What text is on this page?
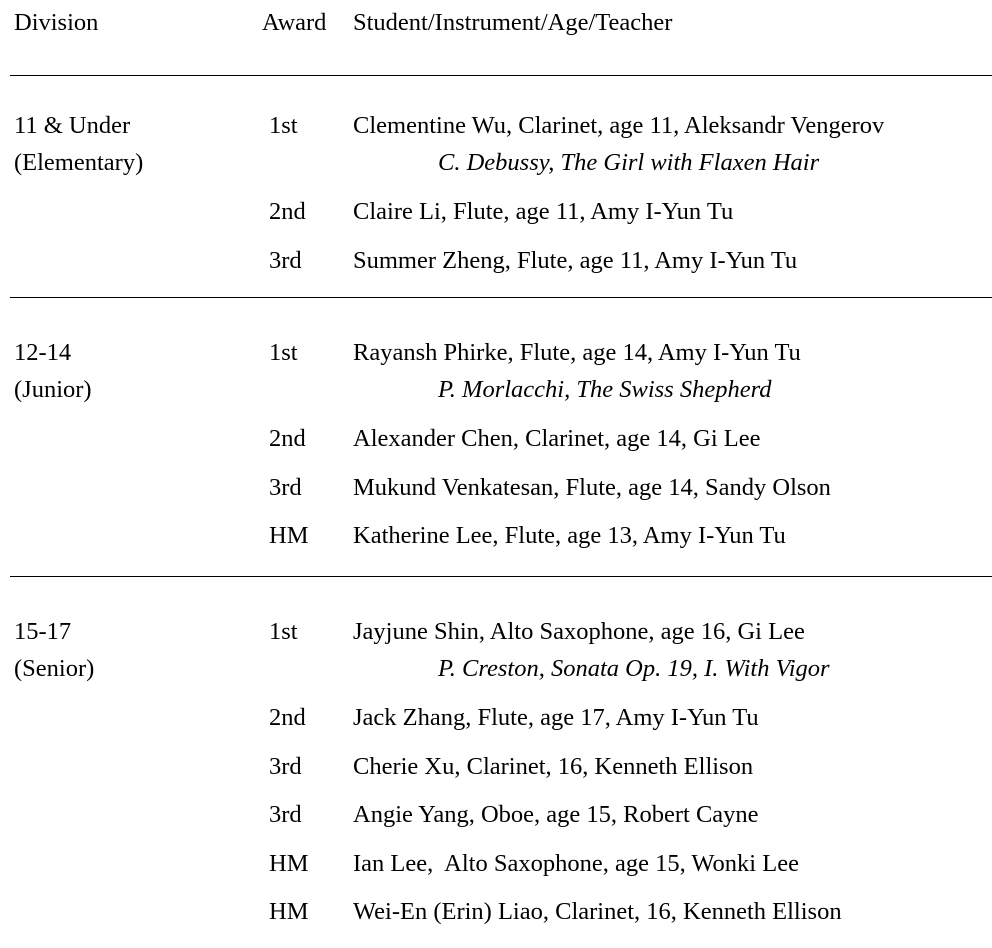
Division	Award Student/Instrument/Age/Teacher
11 & Under
(Elementary)
1st Clementine Wu, Clarinet, age 11, Aleksandr Vengerov
C. Debussy, The Girl with Flaxen Hair
2nd Claire Li, Flute, age 11, Amy I-Yun Tu
3rd Summer Zheng, Flute, age 11, Amy I-Yun Tu
12-14
(Junior)
1st Rayansh Phirke, Flute, age 14, Amy I-Yun Tu
P. Morlacchi, The Swiss Shepherd
2nd Alexander Chen, Clarinet, age 14, Gi Lee
3rd Mukund Venkatesan, Flute, age 14, Sandy Olson
HM Katherine Lee, Flute, age 13, Amy I-Yun Tu
15-17
(Senior)
1st Jayjune Shin, Alto Saxophone, age 16, Gi Lee
P. Creston, Sonata Op. 19, I. With Vigor
2nd Jack Zhang, Flute, age 17, Amy I-Yun Tu
3rd Cherie Xu, Clarinet, 16, Kenneth Ellison
3rd Angie Yang, Oboe, age 15, Robert Cayne
HM Ian Lee,  Alto Saxophone, age 15, Wonki Lee
HM Wei-En (Erin) Liao, Clarinet, 16, Kenneth Ellison
